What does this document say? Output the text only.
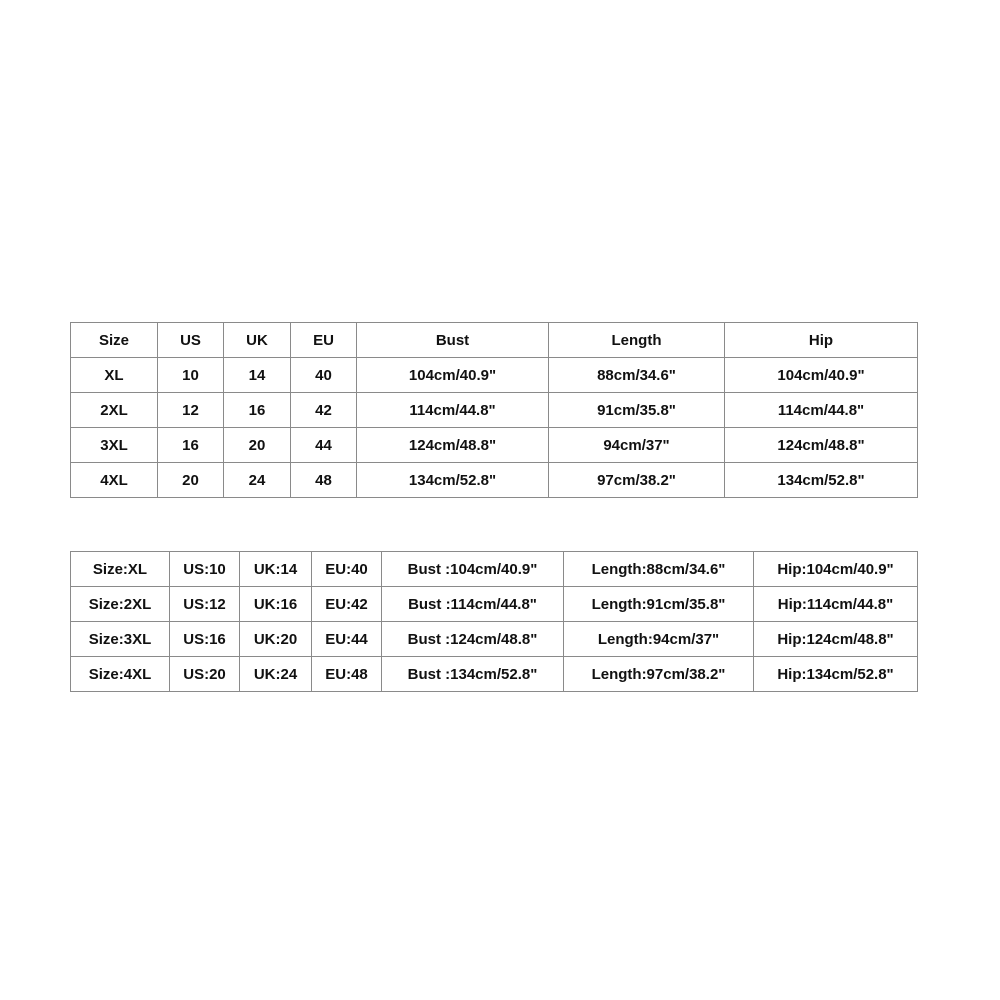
Size	US	UK	EU	Bust	Length	Hip
XL	10	14	40	104cm/40.9"	88cm/34.6"	104cm/40.9"
2XL	12	16	42	114cm/44.8"	91cm/35.8"	114cm/44.8"
3XL	16	20	44	124cm/48.8"	94cm/37"	124cm/48.8"
4XL	20	24	48	134cm/52.8"	97cm/38.2"	134cm/52.8"
Size:XL	US:10	UK:14	EU:40	Bust :104cm/40.9"	Length:88cm/34.6"	Hip:104cm/40.9"
Size:2XL	US:12	UK:16	EU:42	Bust :114cm/44.8"	Length:91cm/35.8"	Hip:114cm/44.8"
Size:3XL	US:16	UK:20	EU:44	Bust :124cm/48.8"	Length:94cm/37"	Hip:124cm/48.8"
Size:4XL	US:20	UK:24	EU:48	Bust :134cm/52.8"	Length:97cm/38.2"	Hip:134cm/52.8"
